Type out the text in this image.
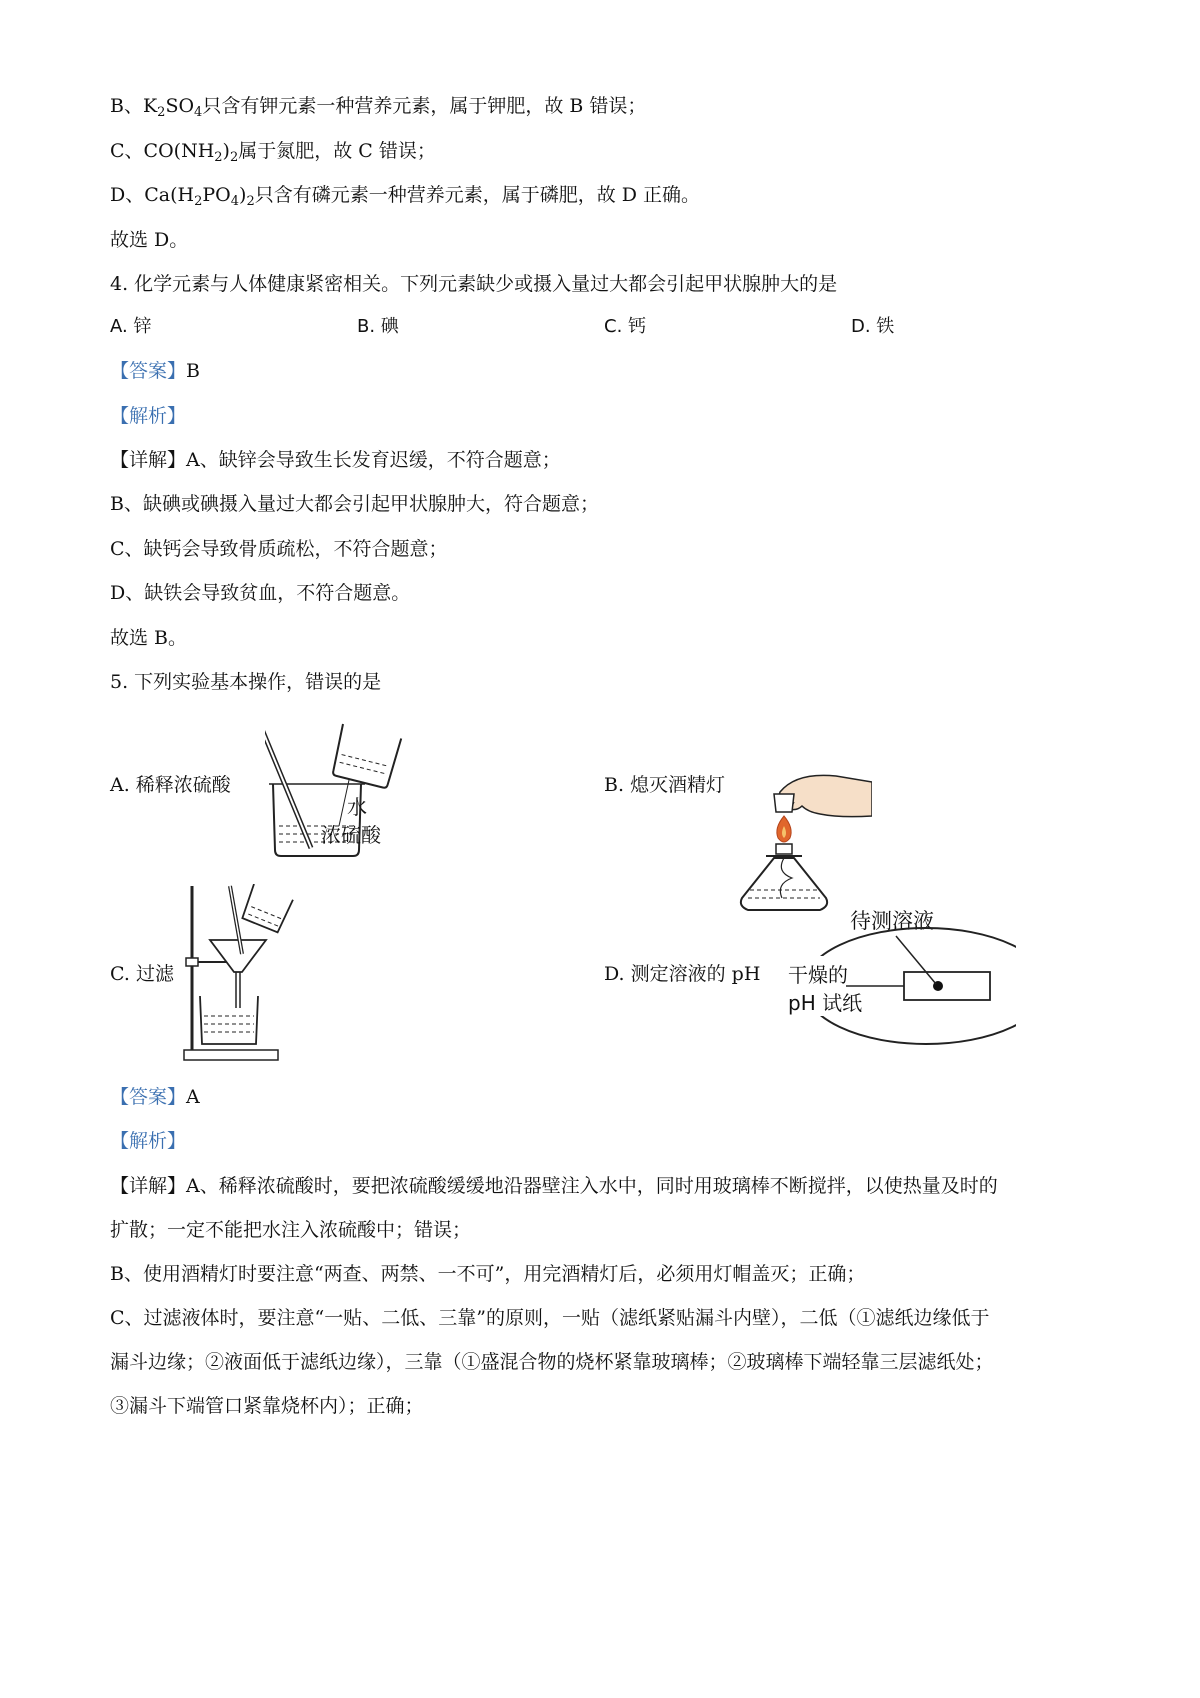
B、$K_2SO_4$只含有钾元素一种营养元素，属于钾肥，故 B 错误；
C、$CO(NH_2)_2$属于氮肥，故 C 错误；
D、$Ca(H_2PO_4)_2$只含有磷元素一种营养元素，属于磷肥，故 D 正确。
故选 D。
4. 化学元素与人体健康紧密相关。下列元素缺少或摄入量过大都会引起甲状腺肿大的是
A. 锌	B. 碘	C. 钙	D. 铁
【答案】B
【解析】
【详解】A、缺锌会导致生长发育迟缓，不符合题意；
B、缺碘或碘摄入量过大都会引起甲状腺肿大，符合题意；
C、缺钙会导致骨质疏松，不符合题意；
D、缺铁会导致贫血，不符合题意。
故选 B。
5. 下列实验基本操作，错误的是
A. 稀释浓硫酸
水
浓硫酸
B. 熄灭酒精灯
C. 过滤	D. 测定溶液的 pH
待测溶液
干燥的
pH 试纸
【答案】A
【解析】
【详解】A、稀释浓硫酸时，要把浓硫酸缓缓地沿器壁注入水中，同时用玻璃棒不断搅拌，以使热量及时的
扩散；一定不能把水注入浓硫酸中；错误；
B、使用酒精灯时要注意“两查、两禁、一不可”，用完酒精灯后，必须用灯帽盖灭；正确；
C、过滤液体时，要注意“一贴、二低、三靠”的原则，一贴（滤纸紧贴漏斗内壁），二低（①滤纸边缘低于
漏斗边缘；②液面低于滤纸边缘），三靠（①盛混合物的烧杯紧靠玻璃棒；②玻璃棒下端轻靠三层滤纸处；
③漏斗下端管口紧靠烧杯内）；正确；
